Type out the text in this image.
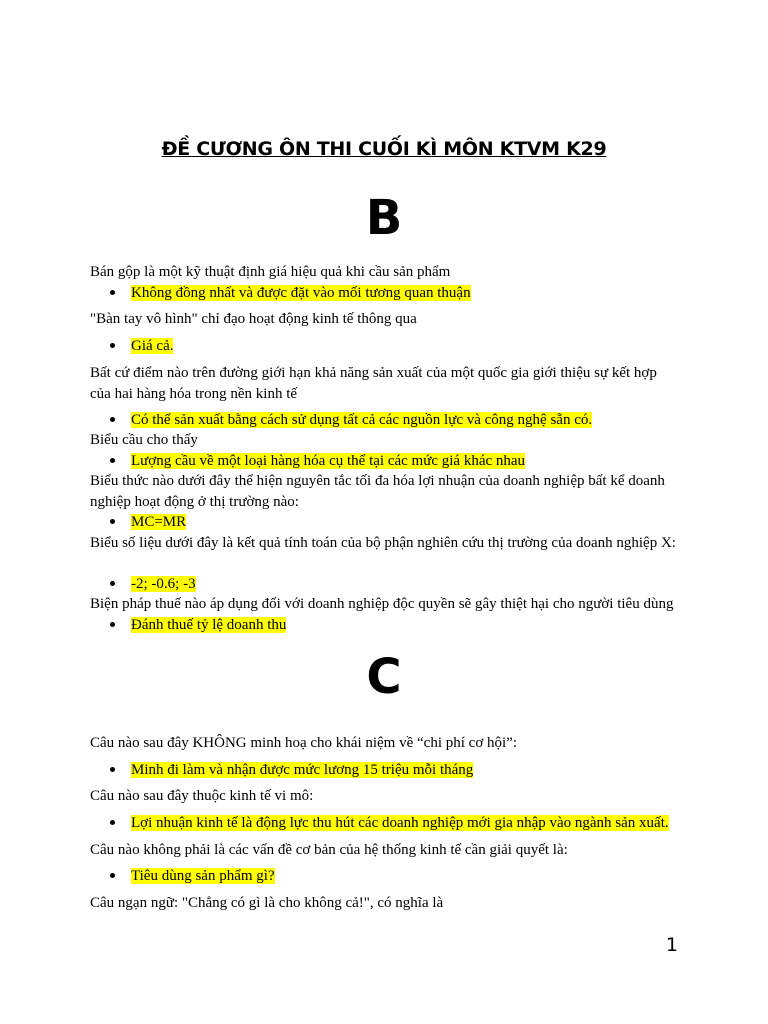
ĐỀ CƯƠNG ÔN THI CUỐI KÌ MÔN KTVM K29
B
Bán gộp là một kỹ thuật định giá hiệu quả khi cầu sản phẩm
Không đồng nhất và được đặt vào mối tương quan thuận
"Bàn tay vô hình" chỉ đạo hoạt động kinh tế thông qua
Giá cả.
Bất cứ điểm nào trên đường giới hạn khả năng sản xuất của một quốc gia giới thiệu sự kết hợp của hai hàng hóa trong nền kinh tế
Có thể sản xuất bằng cách sử dụng tất cả các nguồn lực và công nghệ sẵn có.
Biểu cầu cho thấy
Lượng cầu về một loại hàng hóa cụ thể tại các mức giá khác nhau
Biểu thức nào dưới đây thể hiện nguyên tắc tối đa hóa lợi nhuận của doanh nghiệp bất kể doanh nghiệp hoạt động ở thị trường nào:
MC=MR
Biểu số liệu dưới đây là kết quả tính toán của bộ phận nghiên cứu thị trường của doanh nghiệp X:
-2; -0.6; -3
Biện pháp thuế nào áp dụng đối với doanh nghiệp độc quyền sẽ gây thiệt hại cho người tiêu dùng
Đánh thuế tỷ lệ doanh thu
C
Câu nào sau đây KHÔNG minh hoạ cho khái niệm về “chi phí cơ hội”:
Minh đi làm và nhận được mức lương 15 triệu mỗi tháng
Câu nào sau đây thuộc kinh tế vi mô:
Lợi nhuận kinh tế là động lực thu hút các doanh nghiệp mới gia nhập vào ngành sản xuất.
Câu nào không phải là các vấn đề cơ bản của hệ thống kinh tế cần giải quyết là:
Tiêu dùng sản phẩm gì?
Câu ngạn ngữ: "Chẳng có gì là cho không cả!", có nghĩa là
1
